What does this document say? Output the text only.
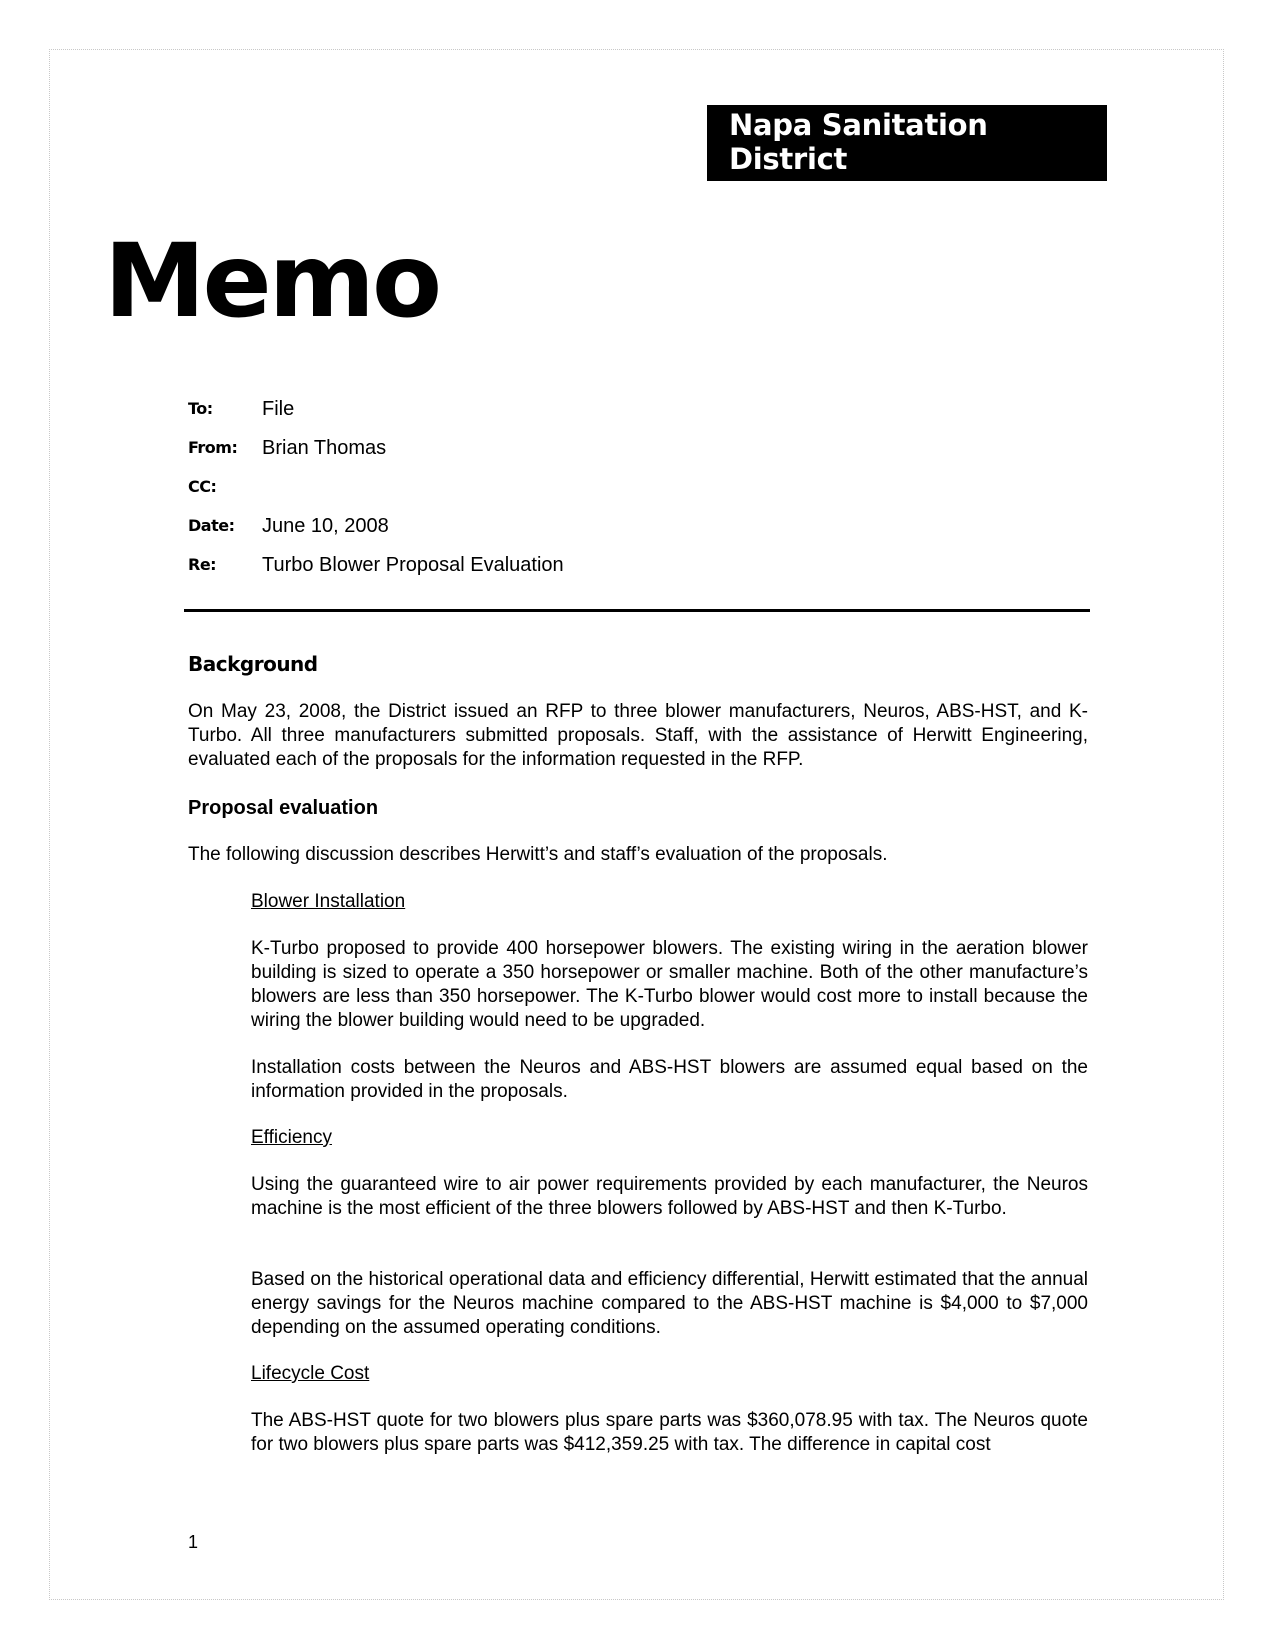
Napa Sanitation
District
Memo
To: File
From: Brian Thomas
CC:
Date: June 10, 2008
Re: Turbo Blower Proposal Evaluation
Background
On May 23, 2008, the District issued an RFP to three blower manufacturers, Neuros, ABS-HST, and K-Turbo. All three manufacturers submitted proposals. Staff, with the assistance of Herwitt Engineering, evaluated each of the proposals for the information requested in the RFP.
Proposal evaluation
The following discussion describes Herwitt’s and staff’s evaluation of the proposals.
Blower Installation
K-Turbo proposed to provide 400 horsepower blowers. The existing wiring in the aeration blower building is sized to operate a 350 horsepower or smaller machine. Both of the other manufacture’s blowers are less than 350 horsepower. The K-Turbo blower would cost more to install because the wiring the blower building would need to be upgraded.
Installation costs between the Neuros and ABS-HST blowers are assumed equal based on the information provided in the proposals.
Efficiency
Using the guaranteed wire to air power requirements provided by each manufacturer, the Neuros machine is the most efficient of the three blowers followed by ABS-HST and then K-Turbo.
Based on the historical operational data and efficiency differential, Herwitt estimated that the annual energy savings for the Neuros machine compared to the ABS-HST machine is $4,000 to $7,000 depending on the assumed operating conditions.
Lifecycle Cost
The ABS-HST quote for two blowers plus spare parts was $360,078.95 with tax. The Neuros quote for two blowers plus spare parts was $412,359.25 with tax. The difference in capital cost
1
